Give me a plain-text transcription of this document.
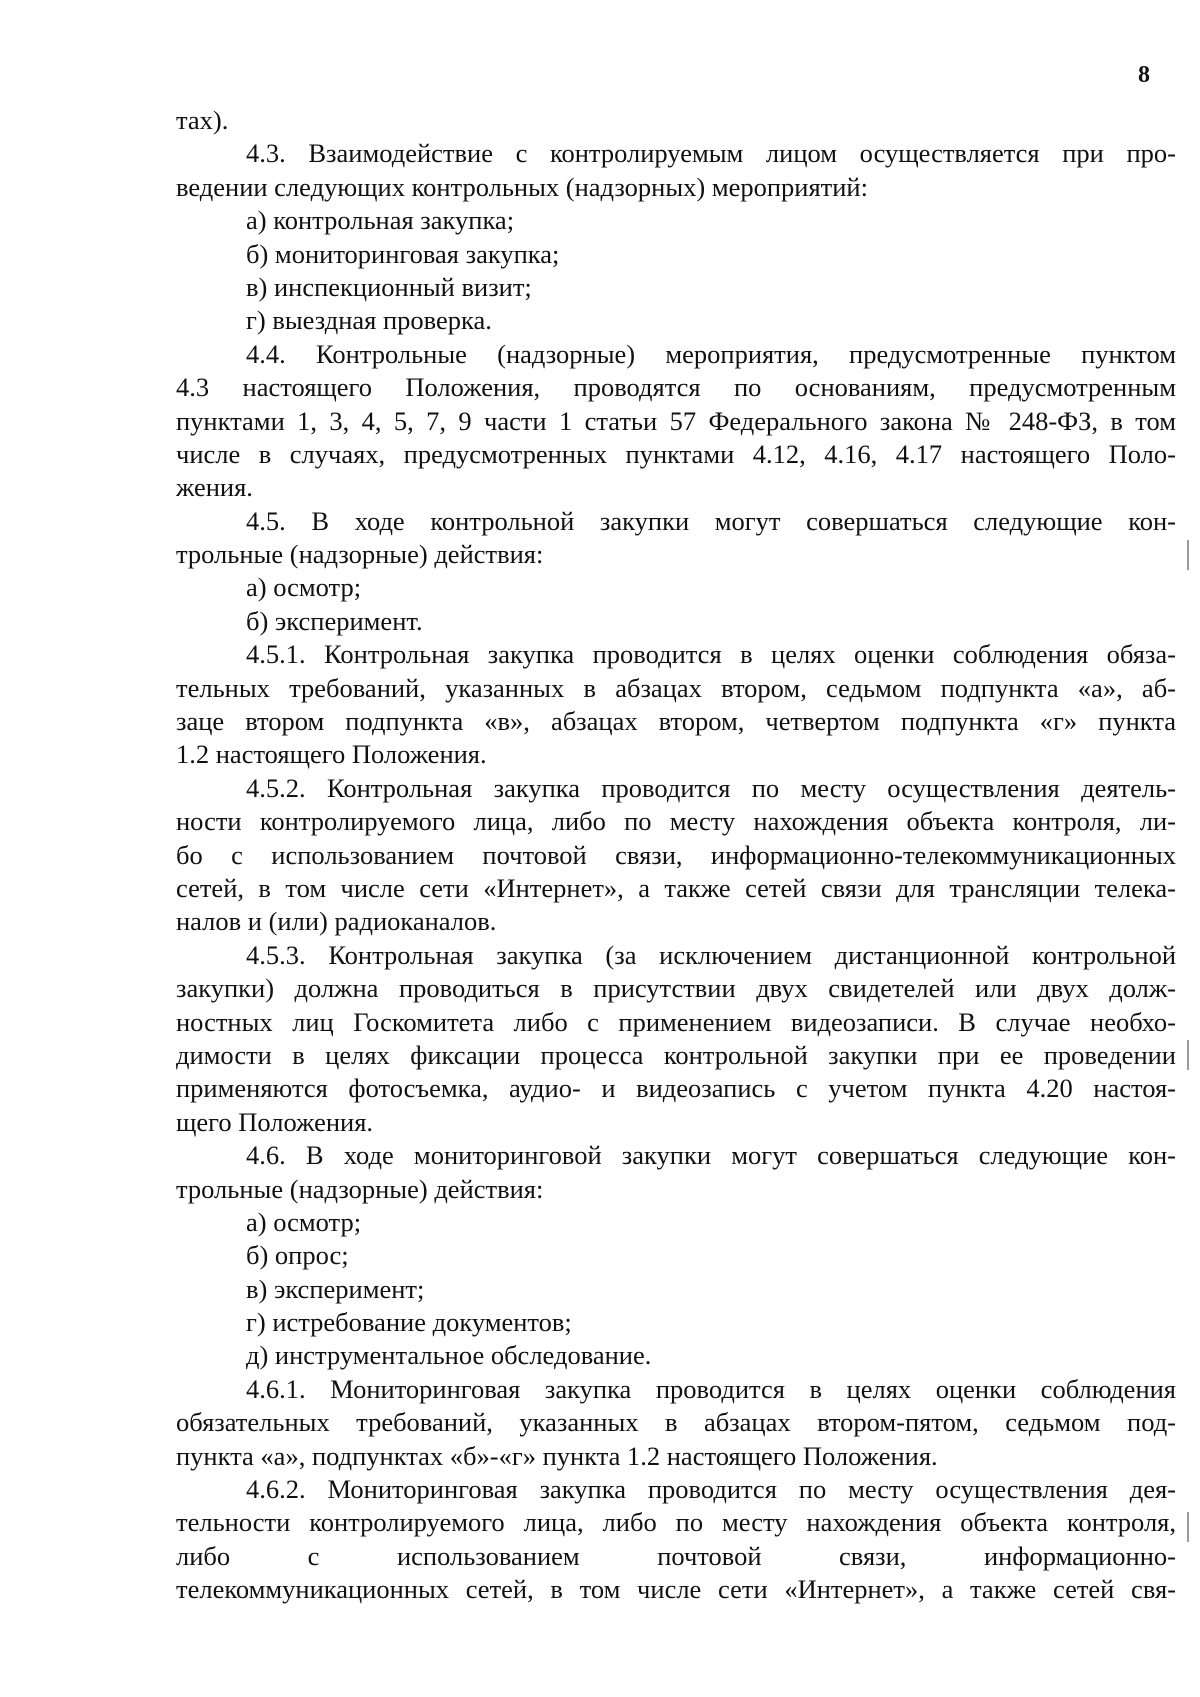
8
тах).
4.3. Взаимодействие с контролируемым лицом осуществляется при про-
ведении следующих контрольных (надзорных) мероприятий:
а) контрольная закупка;
б) мониторинговая закупка;
в) инспекционный визит;
г) выездная проверка.
4.4. Контрольные (надзорные) мероприятия, предусмотренные пунктом
4.3 настоящего Положения, проводятся по основаниям, предусмотренным
пунктами 1, 3, 4, 5, 7, 9 части 1 статьи 57 Федерального закона № 248-ФЗ, в том
числе в случаях, предусмотренных пунктами 4.12, 4.16, 4.17 настоящего Поло-
жения.
4.5. В ходе контрольной закупки могут совершаться следующие кон-
трольные (надзорные) действия:
а) осмотр;
б) эксперимент.
4.5.1. Контрольная закупка проводится в целях оценки соблюдения обяза-
тельных требований, указанных в абзацах втором, седьмом подпункта «а», аб-
заце втором подпункта «в», абзацах втором, четвертом подпункта «г» пункта
1.2 настоящего Положения.
4.5.2. Контрольная закупка проводится по месту осуществления деятель-
ности контролируемого лица, либо по месту нахождения объекта контроля, ли-
бо с использованием почтовой связи, информационно-телекоммуникационных
сетей, в том числе сети «Интернет», а также сетей связи для трансляции телека-
налов и (или) радиоканалов.
4.5.3. Контрольная закупка (за исключением дистанционной контрольной
закупки) должна проводиться в присутствии двух свидетелей или двух долж-
ностных лиц Госкомитета либо с применением видеозаписи. В случае необхо-
димости в целях фиксации процесса контрольной закупки при ее проведении
применяются фотосъемка, аудио- и видеозапись с учетом пункта 4.20 настоя-
щего Положения.
4.6. В ходе мониторинговой закупки могут совершаться следующие кон-
трольные (надзорные) действия:
а) осмотр;
б) опрос;
в) эксперимент;
г) истребование документов;
д) инструментальное обследование.
4.6.1. Мониторинговая закупка проводится в целях оценки соблюдения
обязательных требований, указанных в абзацах втором-пятом, седьмом под-
пункта «а», подпунктах «б»-«г» пункта 1.2 настоящего Положения.
4.6.2. Мониторинговая закупка проводится по месту осуществления дея-
тельности контролируемого лица, либо по месту нахождения объекта контроля,
либо с использованием почтовой связи, информационно-
телекоммуникационных сетей, в том числе сети «Интернет», а также сетей свя-
